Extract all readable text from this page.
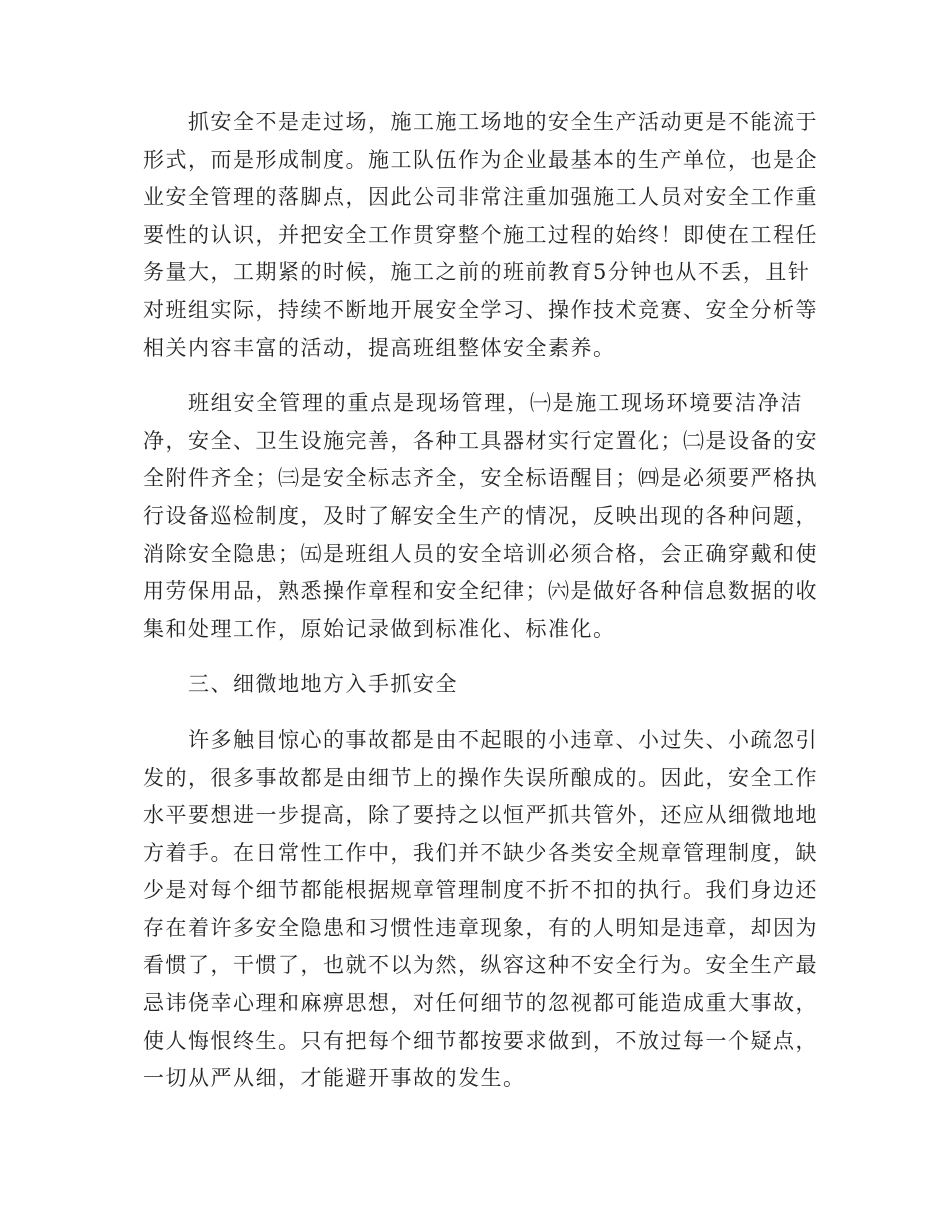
抓安全不是走过场，施工施工场地的安全生产活动更是不能流于
形式，而是形成制度。施工队伍作为企业最基本的生产单位，也是企
业安全管理的落脚点，因此公司非常注重加强施工人员对安全工作重
要性的认识，并把安全工作贯穿整个施工过程的始终！即使在工程任
务量大，工期紧的时候，施工之前的班前教育5分钟也从不丢，且针
对班组实际，持续不断地开展安全学习、操作技术竞赛、安全分析等
相关内容丰富的活动，提高班组整体安全素养。
班组安全管理的重点是现场管理，㈠是施工现场环境要洁净洁
净，安全、卫生设施完善，各种工具器材实行定置化；㈡是设备的安
全附件齐全；㈢是安全标志齐全，安全标语醒目；㈣是必须要严格执
行设备巡检制度，及时了解安全生产的情况，反映出现的各种问题，
消除安全隐患；㈤是班组人员的安全培训必须合格，会正确穿戴和使
用劳保用品，熟悉操作章程和安全纪律；㈥是做好各种信息数据的收
集和处理工作，原始记录做到标准化、标准化。
三、细微地地方入手抓安全
许多触目惊心的事故都是由不起眼的小违章、小过失、小疏忽引
发的，很多事故都是由细节上的操作失误所酿成的。因此，安全工作
水平要想进一步提高，除了要持之以恒严抓共管外，还应从细微地地
方着手。在日常性工作中，我们并不缺少各类安全规章管理制度，缺
少是对每个细节都能根据规章管理制度不折不扣的执行。我们身边还
存在着许多安全隐患和习惯性违章现象，有的人明知是违章，却因为
看惯了，干惯了，也就不以为然，纵容这种不安全行为。安全生产最
忌讳侥幸心理和麻痹思想，对任何细节的忽视都可能造成重大事故，
使人悔恨终生。只有把每个细节都按要求做到，不放过每一个疑点，
一切从严从细，才能避开事故的发生。
